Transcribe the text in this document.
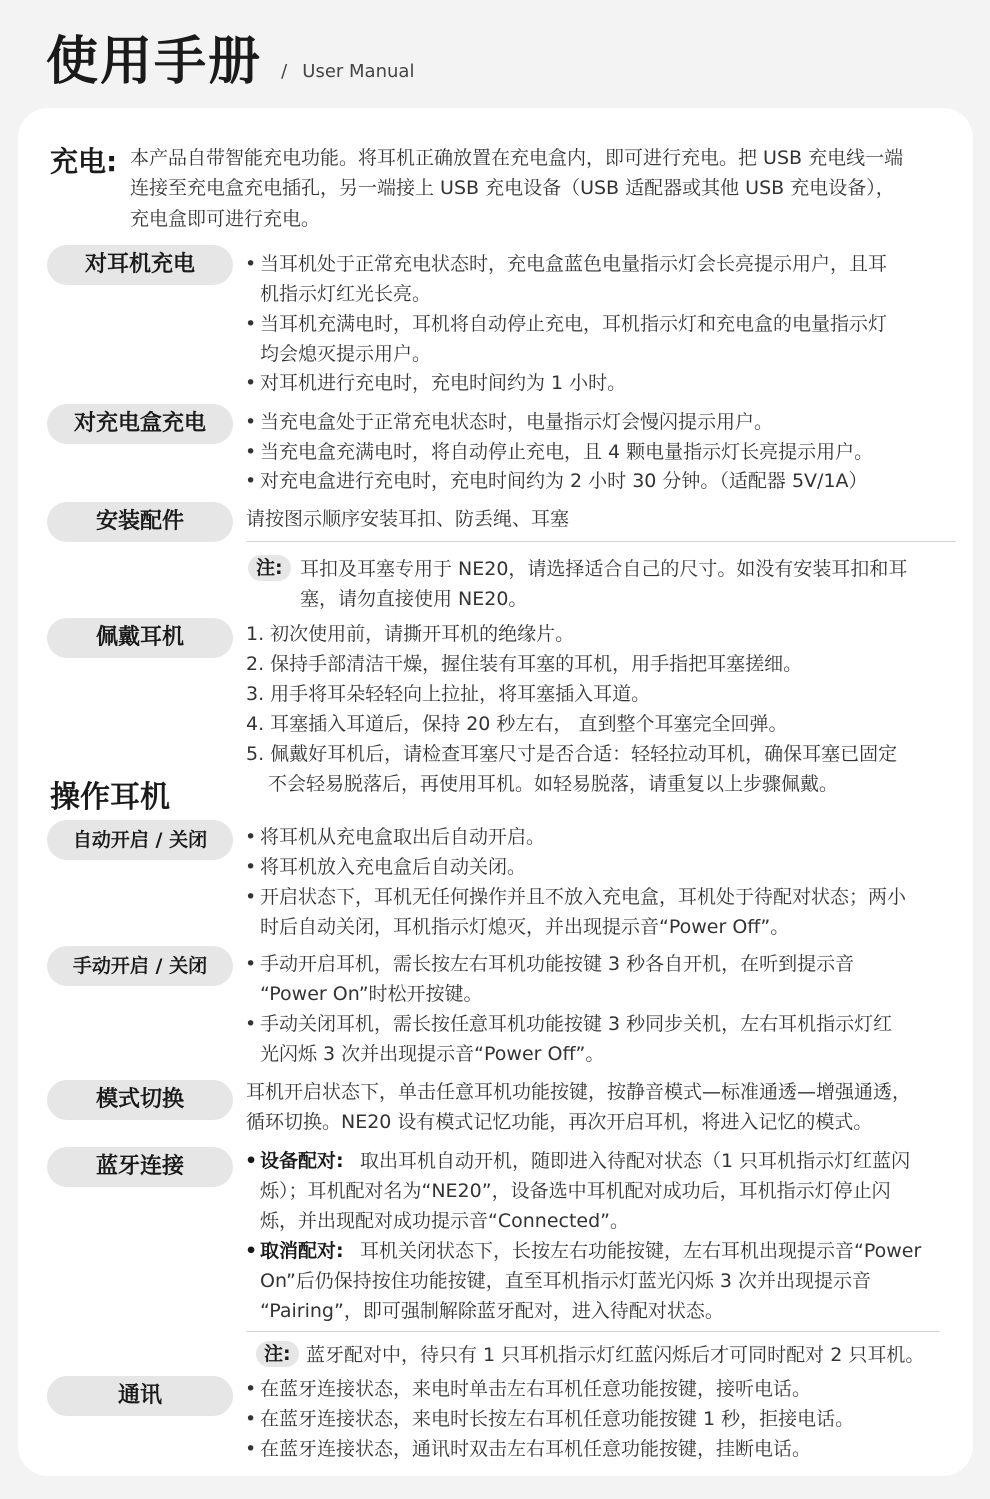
使用手册 / User Manual
充电: 本产品自带智能充电功能。将耳机正确放置在充电盒内，即可进行充电。把 USB 充电线一端
连接至充电盒充电插孔，另一端接上 USB 充电设备（USB 适配器或其他 USB 充电设备），
充电盒即可进行充电。
对耳机充电	• 当耳机处于正常充电状态时，充电盒蓝色电量指示灯会长亮提示用户，且耳
机指示灯红光长亮。
• 当耳机充满电时，耳机将自动停止充电，耳机指示灯和充电盒的电量指示灯
均会熄灭提示用户。
• 对耳机进行充电时，充电时间约为 1 小时。
对充电盒充电	• 当充电盒处于正常充电状态时，电量指示灯会慢闪提示用户。
• 当充电盒充满电时，将自动停止充电，且 4 颗电量指示灯长亮提示用户。
• 对充电盒进行充电时，充电时间约为 2 小时 30 分钟。（适配器 5V/1A）
安装配件	请按图示顺序安装耳扣、防丢绳、耳塞
注: 耳扣及耳塞专用于 NE20，请选择适合自己的尺寸。如没有安装耳扣和耳
塞，请勿直接使用 NE20。
佩戴耳机	1. 初次使用前，请撕开耳机的绝缘片。
2. 保持手部清洁干燥，握住装有耳塞的耳机，用手指把耳塞搓细。
3. 用手将耳朵轻轻向上拉扯，将耳塞插入耳道。
4. 耳塞插入耳道后，保持 20 秒左右， 直到整个耳塞完全回弹。
5. 佩戴好耳机后，请检查耳塞尺寸是否合适：轻轻拉动耳机，确保耳塞已固定
不会轻易脱落后，再使用耳机。如轻易脱落，请重复以上步骤佩戴。
操作耳机
自动开启 / 关闭	• 将耳机从充电盒取出后自动开启。
• 将耳机放入充电盒后自动关闭。
• 开启状态下，耳机无任何操作并且不放入充电盒，耳机处于待配对状态；两小
时后自动关闭，耳机指示灯熄灭，并出现提示音“Power Off”。
手动开启 / 关闭	• 手动开启耳机，需长按左右耳机功能按键 3 秒各自开机，在听到提示音
“Power On”时松开按键。
• 手动关闭耳机，需长按任意耳机功能按键 3 秒同步关机，左右耳机指示灯红
光闪烁 3 次并出现提示音“Power Off”。
模式切换	耳机开启状态下，单击任意耳机功能按键，按静音模式—标准通透—增强通透，
循环切换。NE20 设有模式记忆功能，再次开启耳机，将进入记忆的模式。
蓝牙连接	• 设备配对: 取出耳机自动开机，随即进入待配对状态（1 只耳机指示灯红蓝闪
烁）；耳机配对名为“NE20”，设备选中耳机配对成功后，耳机指示灯停止闪
烁，并出现配对成功提示音“Connected”。
• 取消配对: 耳机关闭状态下，长按左右功能按键，左右耳机出现提示音“Power
On”后仍保持按住功能按键，直至耳机指示灯蓝光闪烁 3 次并出现提示音
“Pairing”，即可强制解除蓝牙配对，进入待配对状态。
注: 蓝牙配对中，待只有 1 只耳机指示灯红蓝闪烁后才可同时配对 2 只耳机。
通讯	• 在蓝牙连接状态，来电时单击左右耳机任意功能按键，接听电话。
• 在蓝牙连接状态，来电时长按左右耳机任意功能按键 1 秒，拒接电话。
• 在蓝牙连接状态，通讯时双击左右耳机任意功能按键，挂断电话。
